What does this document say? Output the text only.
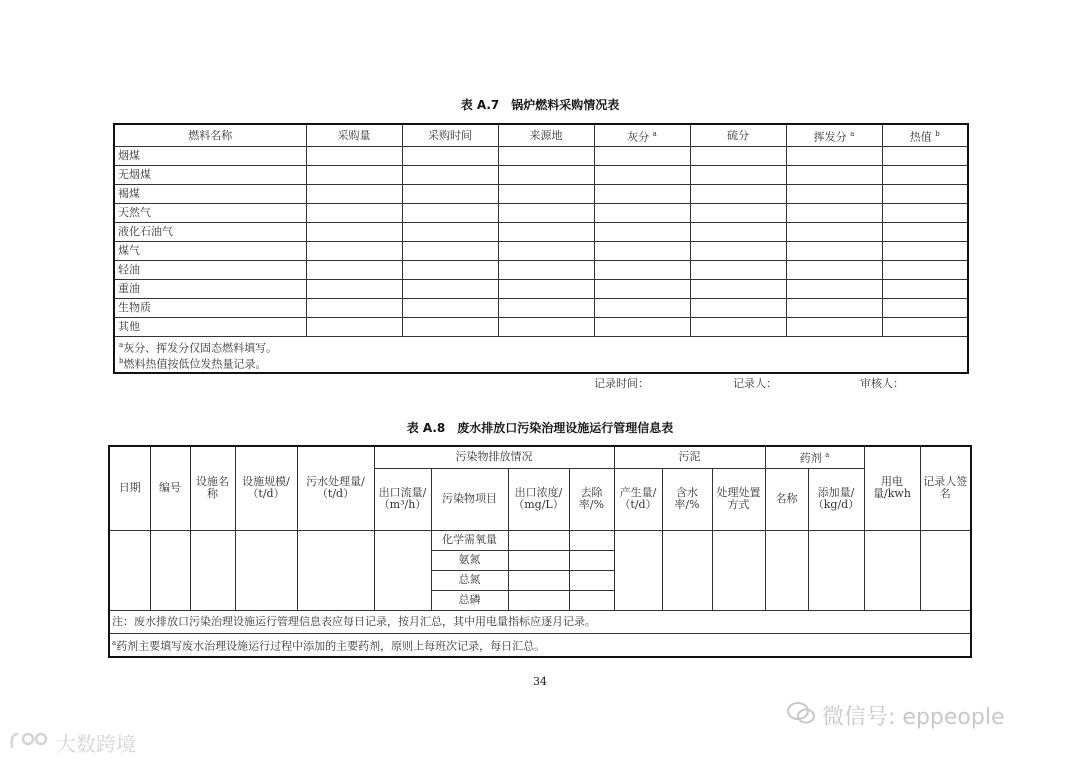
表 A.7　锅炉燃料采购情况表
燃料名称	采购量	采购时间	来源地	灰分 $^a$	硫分	挥发分 $^a$	热值 $^b$
烟煤							
无烟煤							
褐煤							
天然气							
液化石油气							
煤气							
轻油							
重油							
生物质							
其他							

$^a$灰分、挥发分仅固态燃料填写。
$^b$燃料热值按低位发热量记录。							
记录时间：	记录人：	审核人：
表 A.8　废水排放口污染治理设施运行管理信息表
日期	编号	设施名称	设施规模/（t/d）	污水处理量/（t/d）	污染物排放情况				污泥			药剂 $^a$		用电量/kwh	记录人签名
					出口流量/（m³/h）	污染物项目	出口浓度/（mg/L）	去除率/%	产生量/（t/d）	含水率/%	处理处置方式	名称	添加量/（kg/d）		
						化学需氧量									
						氨氮									
						总氮									
						总磷									
注：废水排放口污染治理设施运行管理信息表应每日记录，按月汇总，其中用电量指标应逐月记录。															
$^a$药剂主要填写废水治理设施运行过程中添加的主要药剂，原则上每班次记录，每日汇总。															
34
微信号: eppeople
大数跨境
